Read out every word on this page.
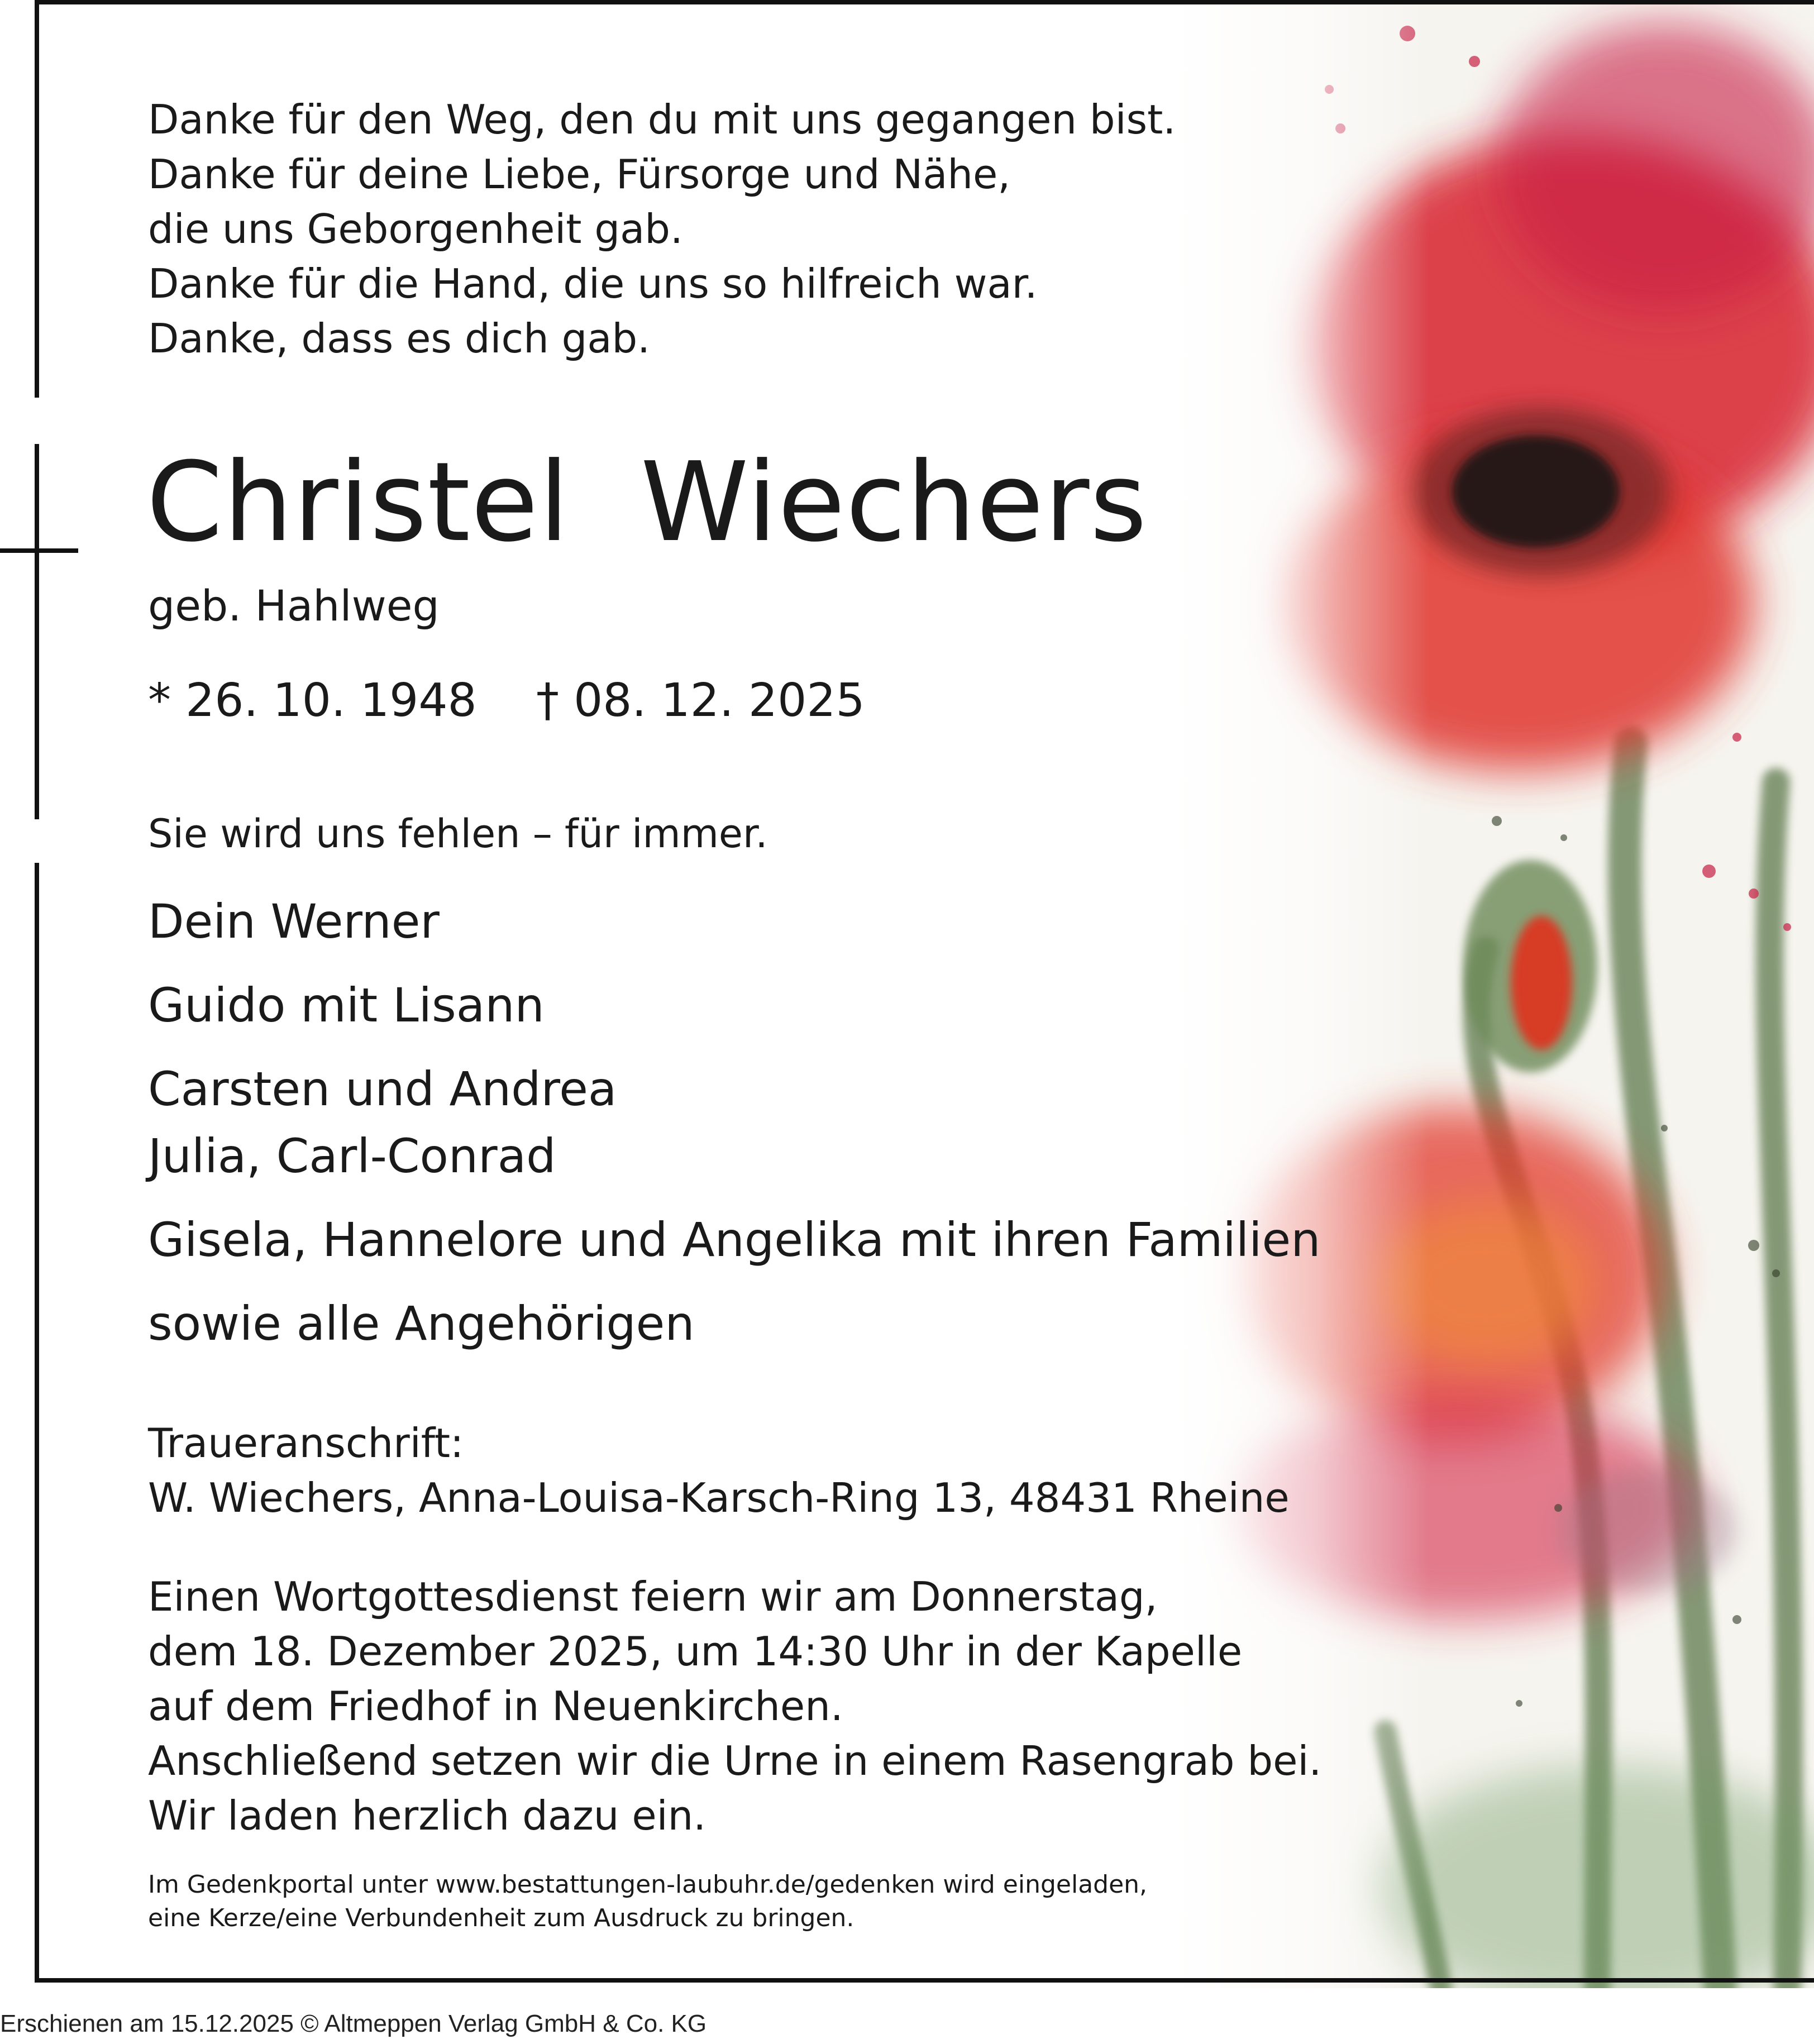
Danke für den Weg, den du mit uns gegangen bist.
Danke für deine Liebe, Fürsorge und Nähe,
die uns Geborgenheit gab.
Danke für die Hand, die uns so hilfreich war.
Danke, dass es dich gab.
Christel  Wiechers
geb. Hahlweg
* 26. 10. 1948 † 08. 12. 2025
Sie wird uns fehlen – für immer.
Dein Werner
Guido mit Lisann
Carsten und Andrea
Julia, Carl-Conrad
Gisela, Hannelore und Angelika mit ihren Familien
sowie alle Angehörigen
Traueranschrift:
W. Wiechers, Anna-Louisa-Karsch-Ring 13, 48431 Rheine
Einen Wortgottesdienst feiern wir am Donnerstag,
dem 18. Dezember 2025, um 14:30 Uhr in der Kapelle
auf dem Friedhof in Neuenkirchen.
Anschließend setzen wir die Urne in einem Rasengrab bei.
Wir laden herzlich dazu ein.
Im Gedenkportal unter www.bestattungen-laubuhr.de/gedenken wird eingeladen,
eine Kerze/eine Verbundenheit zum Ausdruck zu bringen.
Erschienen am 15.12.2025 © Altmeppen Verlag GmbH & Co. KG
